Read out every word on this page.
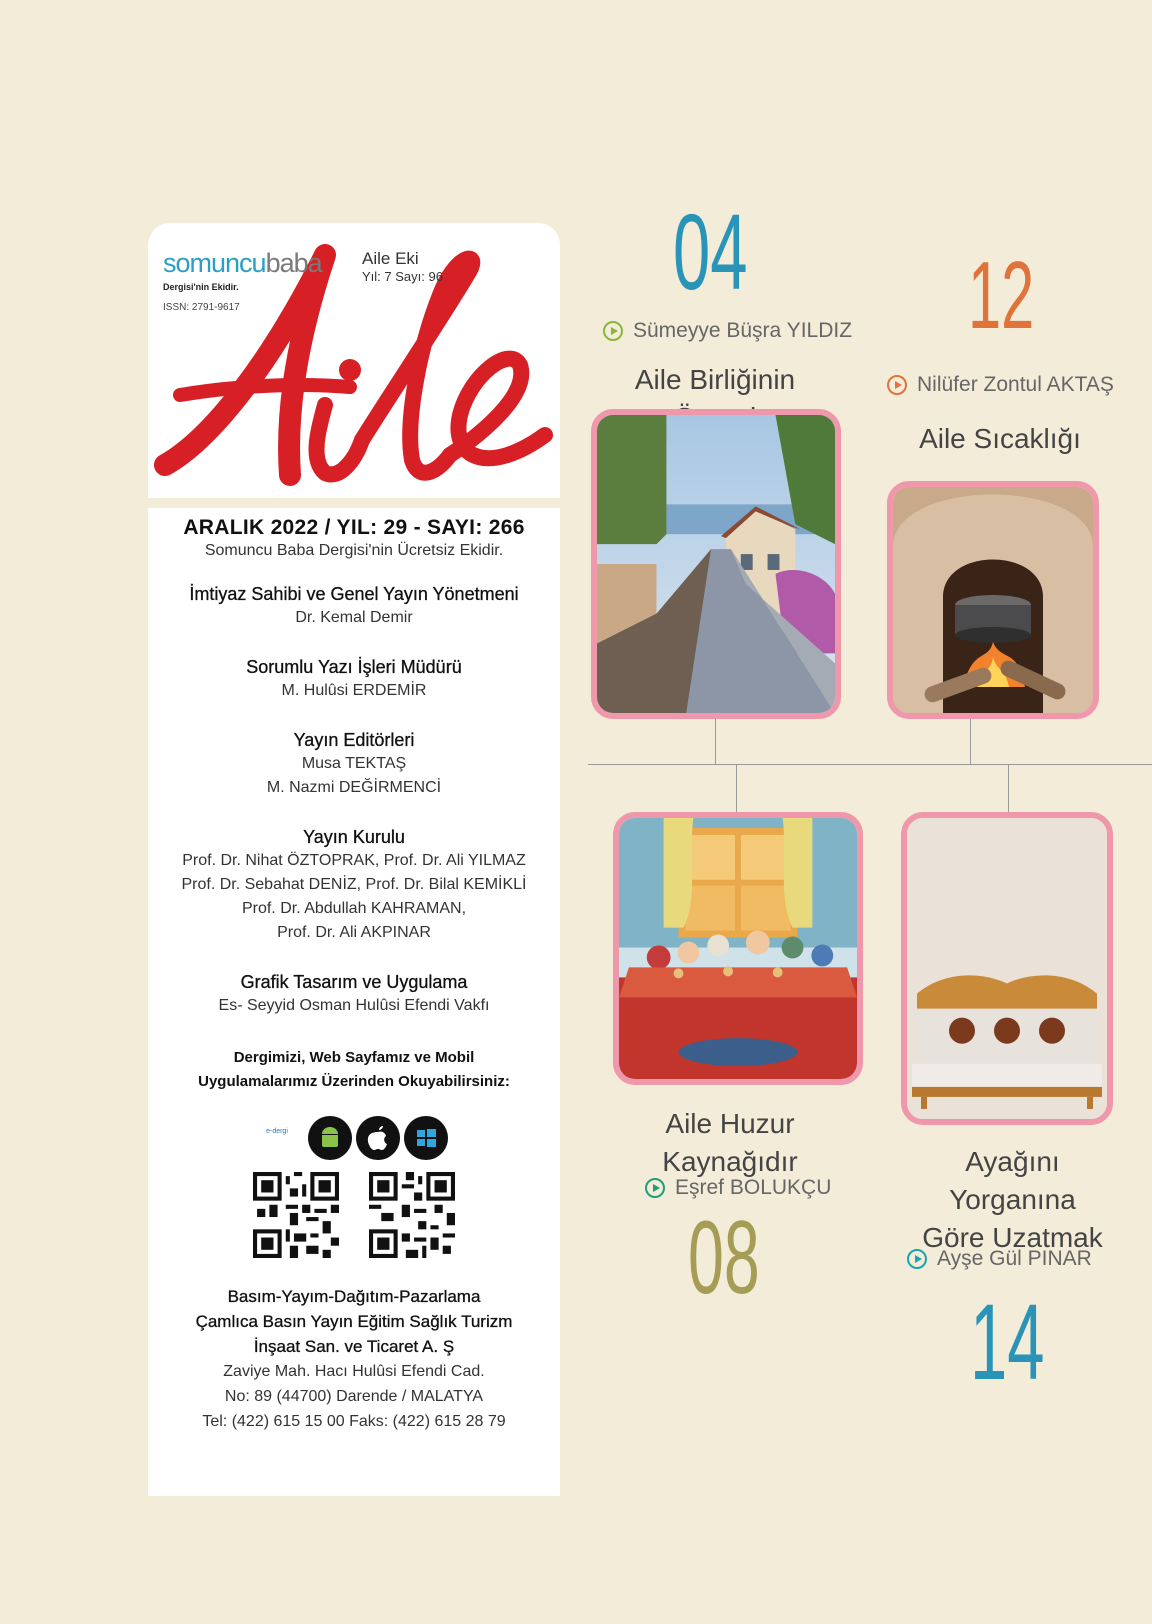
somuncubaba
Dergisi'nin Ekidir.
ISSN: 2791-9617
Aile Eki
Yıl: 7 Sayı: 96
ARALIK 2022 / YIL: 29 - SAYI: 266
Somuncu Baba Dergisi'nin Ücretsiz Ekidir.
İmtiyaz Sahibi ve Genel Yayın Yönetmeni

Dr. Kemal Demir

Sorumlu Yazı İşleri Müdürü

M. Hulûsi ERDEMİR

Yayın Editörleri

Musa TEKTAŞ

M. Nazmi DEĞİRMENCİ

Yayın Kurulu

Prof. Dr. Nihat ÖZTOPRAK, Prof. Dr. Ali YILMAZ

Prof. Dr. Sebahat DENİZ, Prof. Dr. Bilal KEMİKLİ

Prof. Dr. Abdullah KAHRAMAN,

Prof. Dr. Ali AKPINAR

Grafik Tasarım ve Uygulama

Es- Seyyid Osman Hulûsi Efendi Vakfı

Dergimizi, Web Sayfamız ve Mobil
Uygulamalarımız Üzerinden Okuyabilirsiniz:
e-dergi
Basım-Yayım-Dağıtım-Pazarlama
Çamlıca Basın Yayın Eğitim Sağlık Turizm
İnşaat San. ve Ticaret A. Ş

Zaviye Mah. Hacı Hulûsi Efendi Cad.

No: 89 (44700) Darende / MALATYA

Tel: (422) 615 15 00 Faks: (422) 615 28 79

04
Sümeyye Büşra YILDIZ
Aile Birliğinin
12
Nilüfer Zontul AKTAŞ
Aile Sıcaklığı
Aile Huzur Kaynağıdır
Eşref BOLUKÇU
08
Ayağını Yorganına
Göre Uzatmak
Ayşe Gül PINAR
14
